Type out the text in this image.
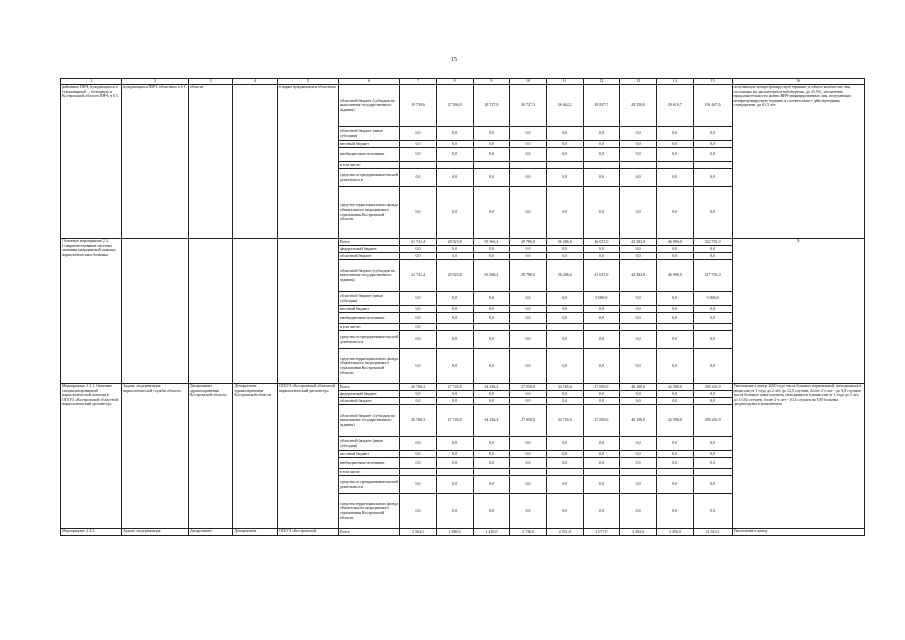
15
1	2	3	4	5	6	7	8	9	10	11	12	13	14	15	16
районных ПНЧ, нуждающихся в стационарной ... больницах в Костромской области ПНЧ, в 6 С	нуждающихся ПНЧ, областных в 6 С	области		в парки нуждающихся областных	областной бюджет (субсидии на выполнение государственного задания)	19 739,6	27 504,0	18 727,9	20 727,3	26 662,2	28 837,7	28 250,0	29 619,7	191 647,6	получающих антиретровирусную терапию, в общем количестве лиц, состоящих на диспансерном наблюдении, до 25,5%, увеличение продолжительности жизни ВИЧ-инфицированных лиц, получающих антиретровирусную терапию в соответствии с действующими стандартами, до 61,5 лет
					областной бюджет (иные субсидии)	0,0	0,0	0,0	0,0	0,0	0,0	0,0	0,0	0,0	
					местный бюджет	0,0	0,0	0,0	0,0	0,0	0,0	0,0	0,0	0,0	
					внебюджетные источники	0,0	0,0	0,0	0,0	0,0	0,0	0,0	0,0	0,0	
					в том числе:										
					средства от предпринимательской деятельности	0,0	0,0	0,0	0,0	0,0	0,0	0,0	0,0	0,0	
					средства территориального фонда обязательного медицинского страхования Костромской области	0,0	0,0	0,0	0,0	0,0	0,0	0,0	0,0	0,0	
Основное мероприятие 2.3. Совершенствование системы оказания медицинской помощи наркологическим больным					Всего	21 741,4	29 923,8	35 566,2	29 786,0	36 286,6	46 037,0	44 382,0	46 990,0	322 701,0	X
					федеральный бюджет	0,0	0,0	0,0	0,0	0,0	0,0	0,0	0,0	0,0	
					областной бюджет	0,0	0,0	0,0	0,0	0,0	0,0	0,0	0,0	0,0	
					областной бюджет (субсидии на выполнение государственного задания)	21 741,4	29 923,8	35 566,2	29 786,0	36 286,6	41 037,0	44 382,0	46 990,0	317 701,0	
					областной бюджет (иные субсидии)	0,0	0,0	0,0	0,0	0,0	5 000,0	0,0	0,0	5 000,0	
					местный бюджет	0,0	0,0	0,0	0,0	0,0	0,0	0,0	0,0	0,0	
					внебюджетные источники	0,0	0,0	0,0	0,0	0,0	0,0	0,0	0,0	0,0	
					в том числе:	0,0									
					средства от предпринимательской деятельности	0,0	0,0	0,0	0,0	0,0	0,0	0,0	0,0	0,0	
					средства территориального фонда обязательного медицинского страхования Костромской области	0,0	0,0	0,0	0,0	0,0	0,0	0,0	0,0	0,0	
Мероприятие 2.3.1. Оказание специализированной наркологической помощи в ОГБУЗ «Костромской областной наркологический диспансер»	Задача: модернизация наркологической службы области	Департамент здравоохранения Костромской области	Департамент здравоохранения Костромской области	ОГБУЗ «Костромской областной наркологический диспансер»	Всего	20 768,3	27 745,8	34 236,2	27 050,0	34 765,6	37 850,0	40 100,0	42 590,0	290 201,9	Увеличение к концу 2020 года числа больных наркоманией, находящихся в ремиссии от 1 года до 2 лет, до 12,5 случаев, более 2-х лет - до 9,8 случаев; числа больных алкоголизмом, находящихся в ремиссии от 1 года до 2 лет, до 13,92 случаев, более 2-х лет - 10,4 случаев на 100 больных среднегодового контингента
					федеральный бюджет	0,0	0,0	0,0	0,0	0,0	0,0	0,0	0,0	0,0	
					областной бюджет	0,0	0,0	0,0	0,0	0,0	0,0	0,0	0,0	0,0	
					областной бюджет (субсидии на выполнение государственного задания)	20 768,3	27 745,8	34 236,2	27 050,0	34 765,6	37 850,0	40 100,0	42 590,0	290 201,9	
					областной бюджет (иные субсидии)	0,0	0,0	0,0	0,0	0,0	0,0	0,0	0,0	0,0	
					местный бюджет	0,0	0,0	0,0	0,0	0,0	0,0	0,0	0,0	0,0	
					внебюджетные источники	0,0	0,0	0,0	0,0	0,0	0,0	0,0	0,0	0,0	
					в том числе:										
					средства от предпринимательской деятельности	0,0	0,0	0,0	0,0	0,0	0,0	0,0	0,0	0,0	
					средства территориального фонда обязательного медицинского страхования Костромской области	0,0	0,0	0,0	0,0	0,0	0,0	0,0	0,0	0,0	
Мероприятие 2.3.2.	Задача: модернизация	Департамент	Департамент	ОГБУЗ «Костромской	Всего	2 564,1	1 680,0	1 430,0	2 736,0	2 921,0	2 077,0	3 282,0	3 456,0	21 610,1	Увеличение к концу
